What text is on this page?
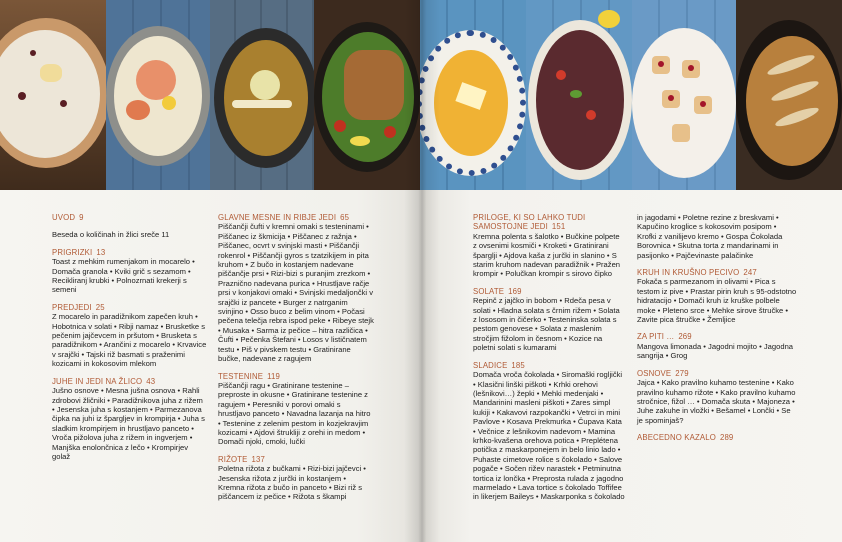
UVOD 9
Beseda o količinah in žlici sreče 11
PRIGRIZKI 13
Toast z mehkim rumenjakom in mocarelo • Domača granola • Kviki grič s sezamom • Recikliranj krubki • Polnozrnati krekerji s semeni
PREDJEDI 25
Z mocarelo in paradižnikom zapečen kruh • Hobotnica v solati • Ribji namaz • Brusketke s pečenim jajčevcem in pršutom • Brusketa s paradižnikom • Arančini z mocarelo • Krvavice v srajčki • Tajski riž basmati s praženimi kozicami in kokosovim mlekom
JUHE IN JEDI NA ŽLICO 43
Jušno osnove • Mesna jušna osnova • Rahli zdrobovi žličniki • Paradižnikova juha z rižem • Jesenska juha s kostanjem • Parmezanova čipka na juhi iz špargljev in krompirja • Juha s sladkim krompirjem in hrustljavo panceto • Vroča pižolova juha z rižem in ingverjem • Manjška enolončnica z lečo • Krompirjev golaž
GLAVNE MESNE IN RIBJE JEDI 65
Piščančji čufti v kremni omaki s testeninami • Piščanec iz škmicija • Piščanec z ražnja • Piščanec, ocvrt v svinjski masti • Piščančji rokenrol • Piščančji gyros s tzatzikijem in pita kruhom • Z bučo in kostanjem nadevane piščančje prsi • Rizi-bizi s puranjim zrezkom • Praznično nadevana purica • Hrustljave račje prsi v konjakovi omaki • Svinjski medaljončki v srajčki iz pancete • Burger z natrganim svinjino • Osso buco z belim vinom • Počasi pečena telečja rebra ispod peke • Ribeye stejk • Musaka • Sarma iz pečice – hitra različica • Čufti • Pečenka Štefani • Losos v lističnatem testu • Piš v pivskem testu • Gratinirane bučke, nadevane z ragujem
TESTENINE 119
Piščančji ragu • Gratinirane testenine – preproste in okusne • Gratinirane testenine z ragujem • Peresniki v porovi omaki s hrustljavo panceto • Navadna lazanja na hitro • Testenine z zelenim pestom in kozjekravjim kozicami • Ajdovi štrukliji z orehi in medom • Domači njoki, cmoki, lučki
RIŽOTE 137
Poletna rižota z bučkami • Rizi-bizi jajčevci • Jesenska rižota z jurčki in kostanjem • Kremna rižota z bučo in panceto • Bizi riž s piščancem iz pečice • Rižota s škampi
PRILOGE, KI SO LAHKO TUDI SAMOSTOJNE JEDI 151
Kremna polenta s šalotko • Bučkine polpete z ovsenimi kosmiči • Kroketi • Gratinirani šparglji • Ajdova kaša z jurčki in slanino • S starim kruhom nadevan paradižnik • Pražen krompir • Polučkan krompir s sirovo čipko
SOLATE 169
Repinč z jajčko in bobom • Rdeča pesa v solati • Hladna solata s črnim rižem • Solata z lososom in čičerko • Testeninska solata s pestom genovese • Solata z maslenim stročjim fižolom in česnom • Kozice na poletni solati s kumarami
SLADICE 185
Domača vroča čokolada • Siromaški rogljički • Klasični linški piškoti • Krhki orehovi (lešnikovi…) žepki • Mehki medenjaki • Mandarinini masleni piškoti • Zares simpl kukiji • Kakavovi razpokančki • Vetrci in mini Pavlove • Kosava Prekmurka • Čupava Kata • Večnice z lešnikovim nadevom • Mamina krhko-kvašena orehova potica • Preplétena potička z maskarponejem in belo linio lado • Puhaste cimetove rolice s čokolado • Salove pogače • Sočen rižev narastek • Petminutna tortica iz lončka • Preprosta rulada z jagodno marmelado • Lava tortice s čokolado Toffifee in likerjem Baileys • Maskarponka s čokolado
in jagodami • Poletne rezine z breskvami • Kapučino kroglice s kokosovim posipom • Krofki z vanilijevo kremo • Gospa Čokolada Borovnica • Skutna torta z mandarinami in pasijonko • Pajčevinaste palačinke
KRUH IN KRUŠNO PECIVO 247
Fokača s parmezanom in olivami • Pica s testom iz pive • Prastar pirin kruh s 95-odstotno hidratacijo • Domači kruh iz kruške polbele moke • Pleteno srce • Mehke sirove štručke • Zavite pica štručke • Žemljice
ZA PITI … 269
Mangova limonada • Jagodni mojito • Jagodna sangrija • Grog
OSNOVE 279
Jajca • Kako pravilno kuhamo testenine • Kako pravilno kuhamo rižote • Kako pravilno kuhamo stročnice, fižol … • Domača skuta • Majoneza • Juhe zakuhe in vložki • Bešamel • Lončki • Se je spominjaš?
ABECEDNO KAZALO 289
